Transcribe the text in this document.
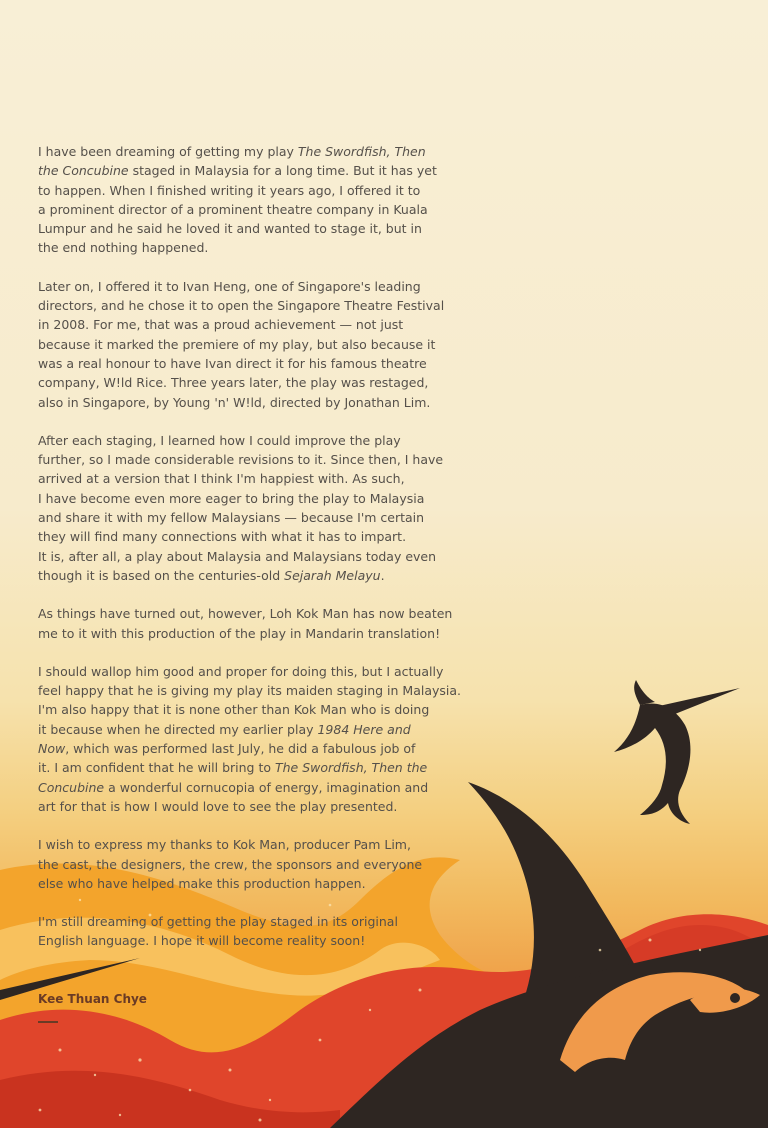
I have been dreaming of getting my play The Swordfish, Then
the Concubine staged in Malaysia for a long time. But it has yet
to happen. When I finished writing it years ago, I offered it to
a prominent director of a prominent theatre company in Kuala
Lumpur and he said he loved it and wanted to stage it, but in
the end nothing happened.

Later on, I offered it to Ivan Heng, one of Singapore's leading
directors, and he chose it to open the Singapore Theatre Festival
in 2008. For me, that was a proud achievement — not just
because it marked the premiere of my play, but also because it
was a real honour to have Ivan direct it for his famous theatre
company, W!ld Rice. Three years later, the play was restaged,
also in Singapore, by Young 'n' W!ld, directed by Jonathan Lim.

After each staging, I learned how I could improve the play
further, so I made considerable revisions to it. Since then, I have
arrived at a version that I think I'm happiest with. As such,
I have become even more eager to bring the play to Malaysia
and share it with my fellow Malaysians — because I'm certain
they will find many connections with what it has to impart.
It is, after all, a play about Malaysia and Malaysians today even
though it is based on the centuries-old Sejarah Melayu.

As things have turned out, however, Loh Kok Man has now beaten
me to it with this production of the play in Mandarin translation!

I should wallop him good and proper for doing this, but I actually
feel happy that he is giving my play its maiden staging in Malaysia.
I'm also happy that it is none other than Kok Man who is doing
it because when he directed my earlier play 1984 Here and
Now, which was performed last July, he did a fabulous job of
it. I am confident that he will bring to The Swordfish, Then the
Concubine a wonderful cornucopia of energy, imagination and
art for that is how I would love to see the play presented.

I wish to express my thanks to Kok Man, producer Pam Lim,
the cast, the designers, the crew, the sponsors and everyone
else who have helped make this production happen.

I'm still dreaming of getting the play staged in its original
English language. I hope it will become reality soon!

Kee Thuan Chye
